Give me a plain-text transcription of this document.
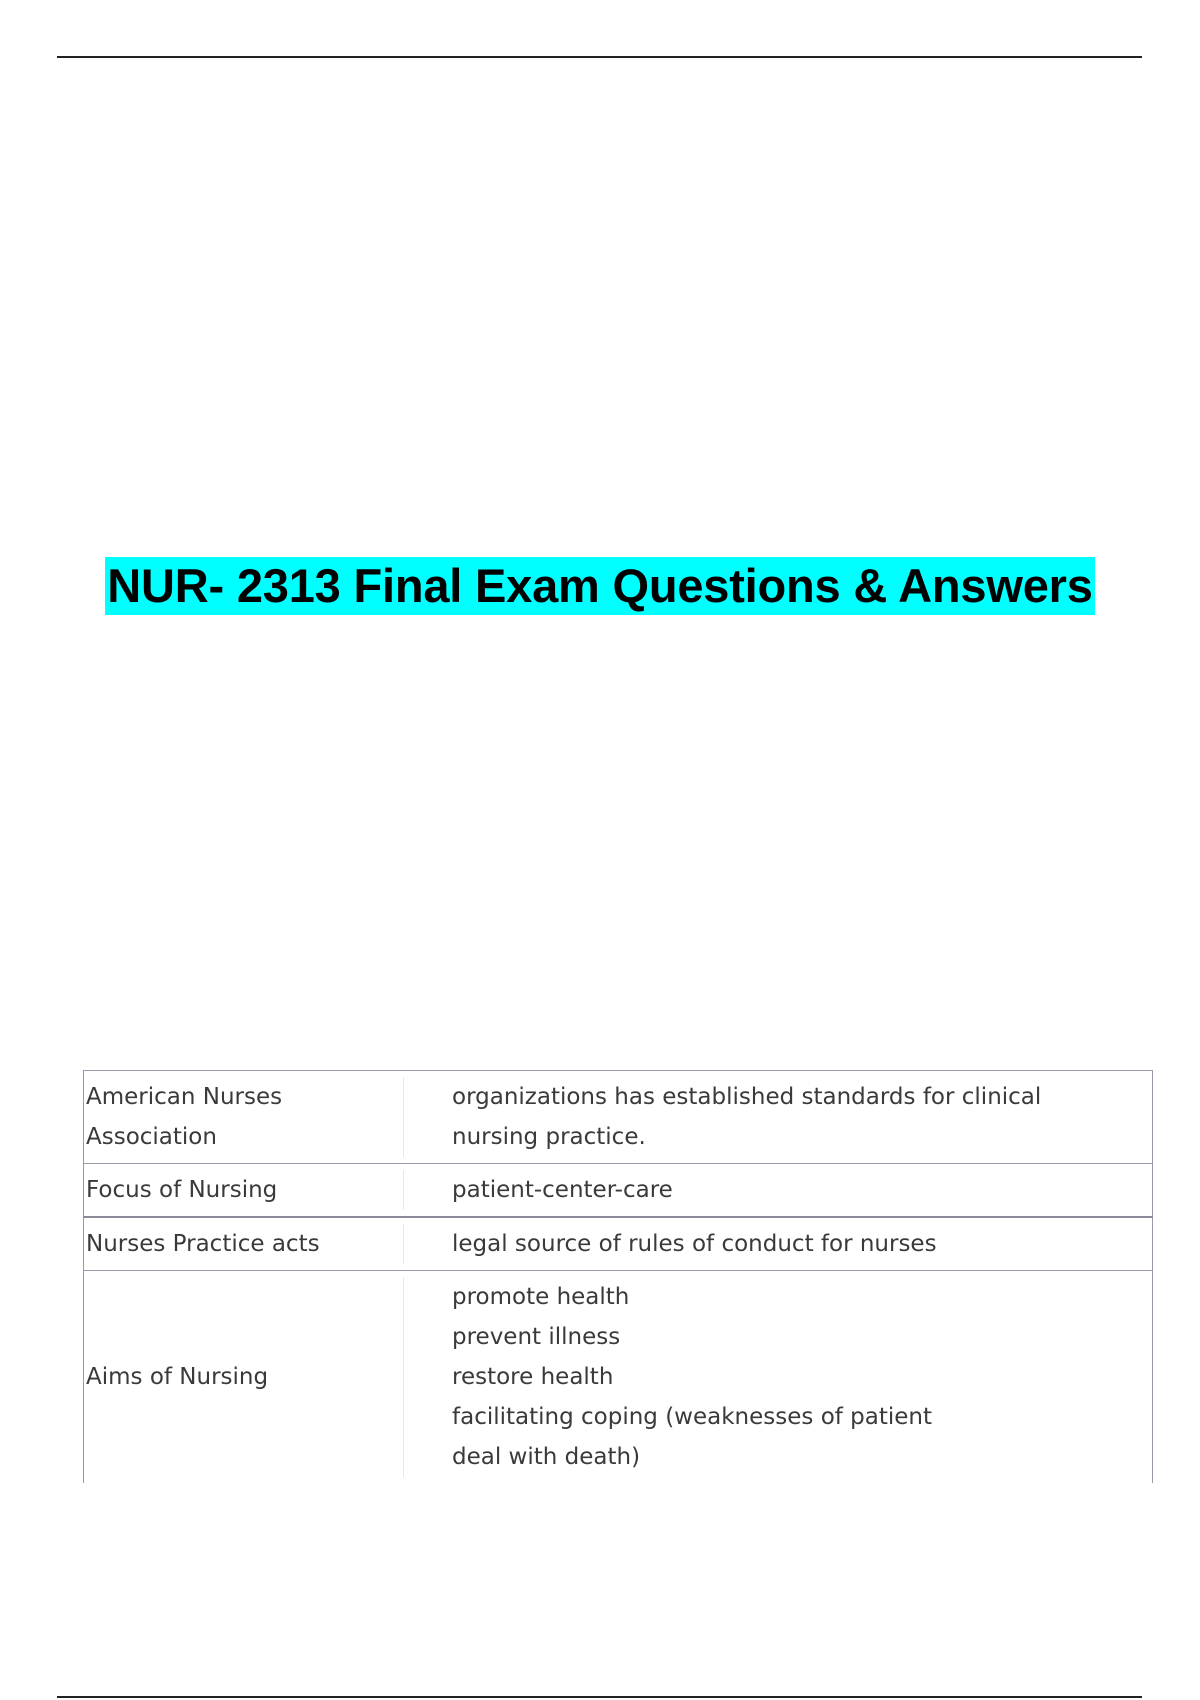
NUR- 2313 Final Exam Questions & Answers
American Nurses
Association	organizations has established standards for clinical
nursing practice.

Focus of Nursing	patient-center-care

Nurses Practice acts	legal source of rules of conduct for nurses

Aims of Nursing	promote health
prevent illness
restore health
facilitating coping (weaknesses of patient
deal with death)
